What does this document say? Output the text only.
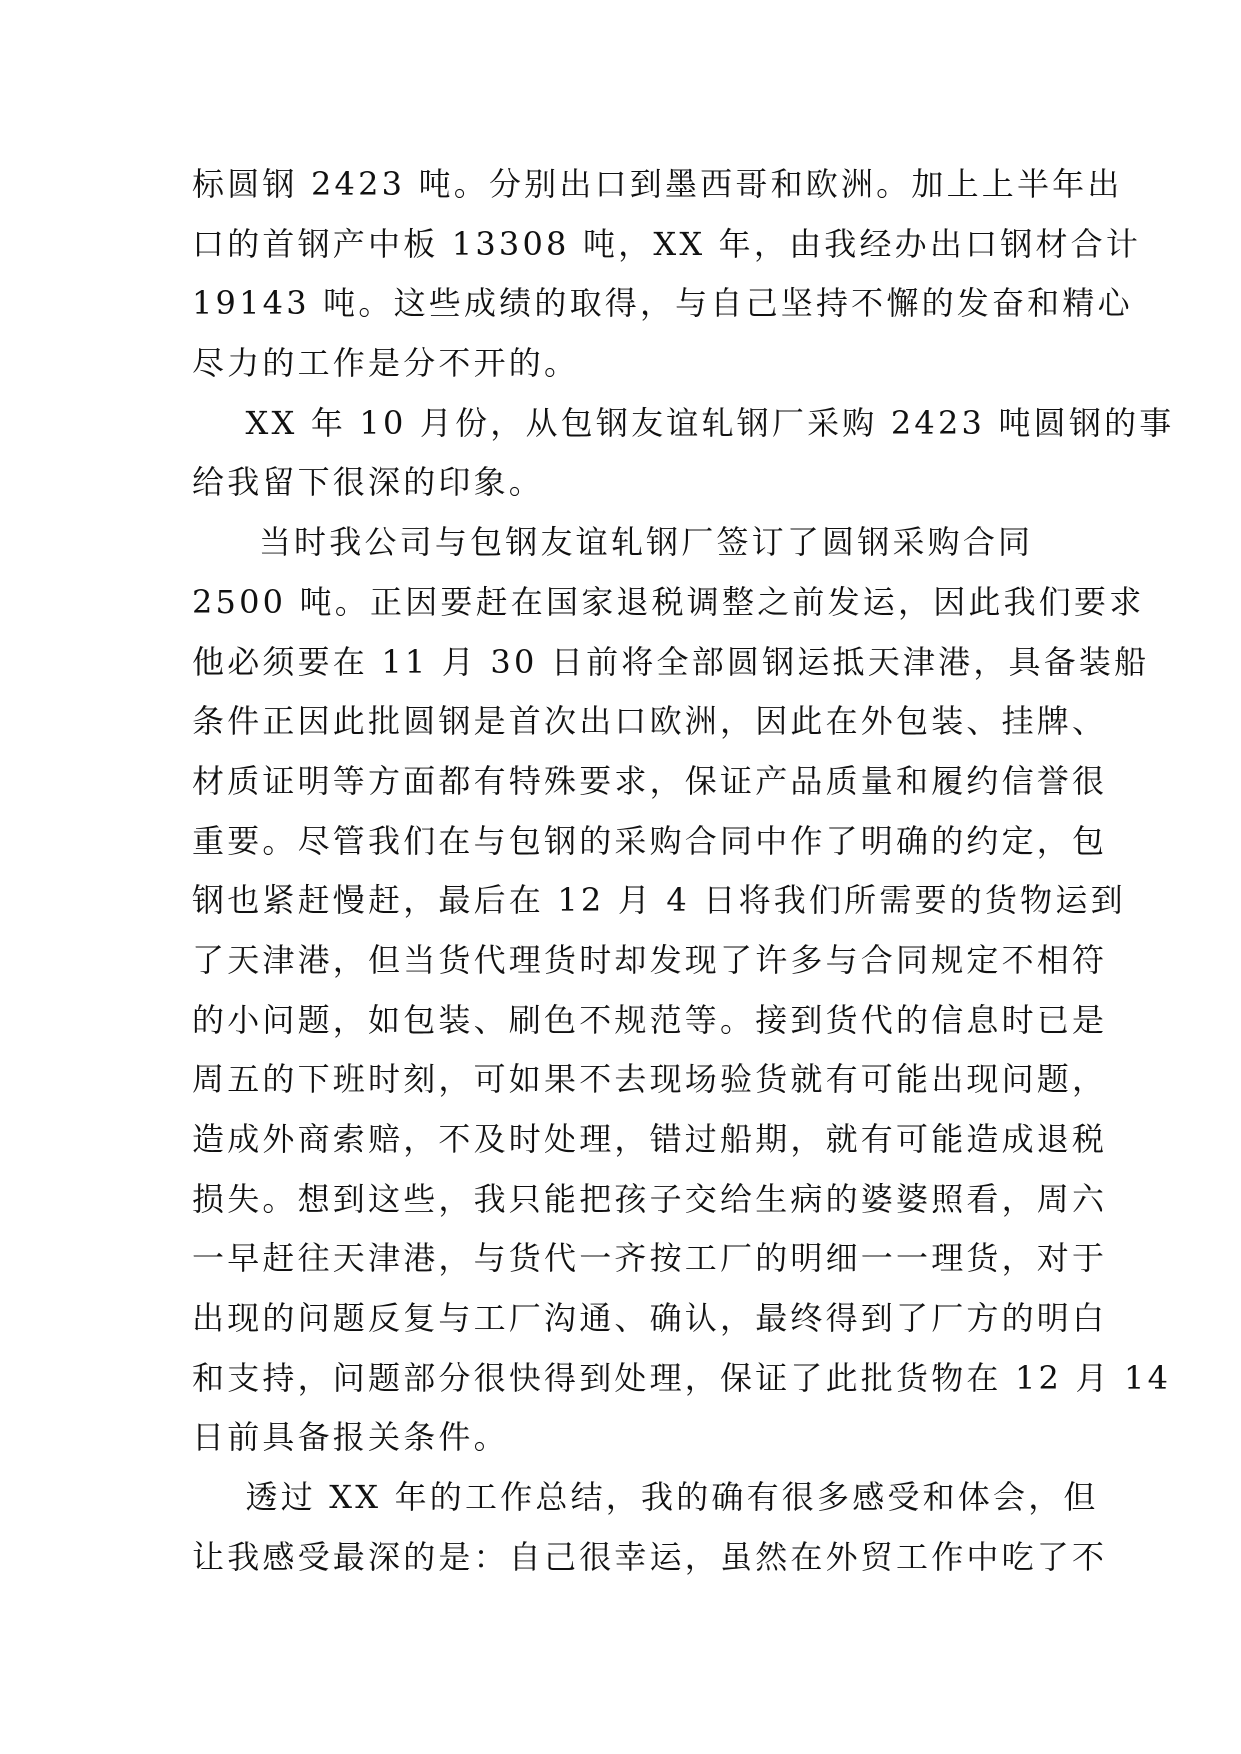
标圆钢 2423 吨。分别出口到墨西哥和欧洲。加上上半年出
口的首钢产中板 13308 吨，XX 年，由我经办出口钢材合计
19143 吨。这些成绩的取得，与自己坚持不懈的发奋和精心
尽力的工作是分不开的。
XX 年 10 月份，从包钢友谊轧钢厂采购 2423 吨圆钢的事
给我留下很深的印象。
当时我公司与包钢友谊轧钢厂签订了圆钢采购合同
2500 吨。正因要赶在国家退税调整之前发运，因此我们要求
他必须要在 11 月 30 日前将全部圆钢运抵天津港，具备装船
条件正因此批圆钢是首次出口欧洲，因此在外包装、挂牌、
材质证明等方面都有特殊要求，保证产品质量和履约信誉很
重要。尽管我们在与包钢的采购合同中作了明确的约定，包
钢也紧赶慢赶，最后在 12 月 4 日将我们所需要的货物运到
了天津港，但当货代理货时却发现了许多与合同规定不相符
的小问题，如包装、刷色不规范等。接到货代的信息时已是
周五的下班时刻，可如果不去现场验货就有可能出现问题，
造成外商索赔，不及时处理，错过船期，就有可能造成退税
损失。想到这些，我只能把孩子交给生病的婆婆照看，周六
一早赶往天津港，与货代一齐按工厂的明细一一理货，对于
出现的问题反复与工厂沟通、确认，最终得到了厂方的明白
和支持，问题部分很快得到处理，保证了此批货物在 12 月 14
日前具备报关条件。
透过 XX 年的工作总结，我的确有很多感受和体会，但
让我感受最深的是：自己很幸运，虽然在外贸工作中吃了不
